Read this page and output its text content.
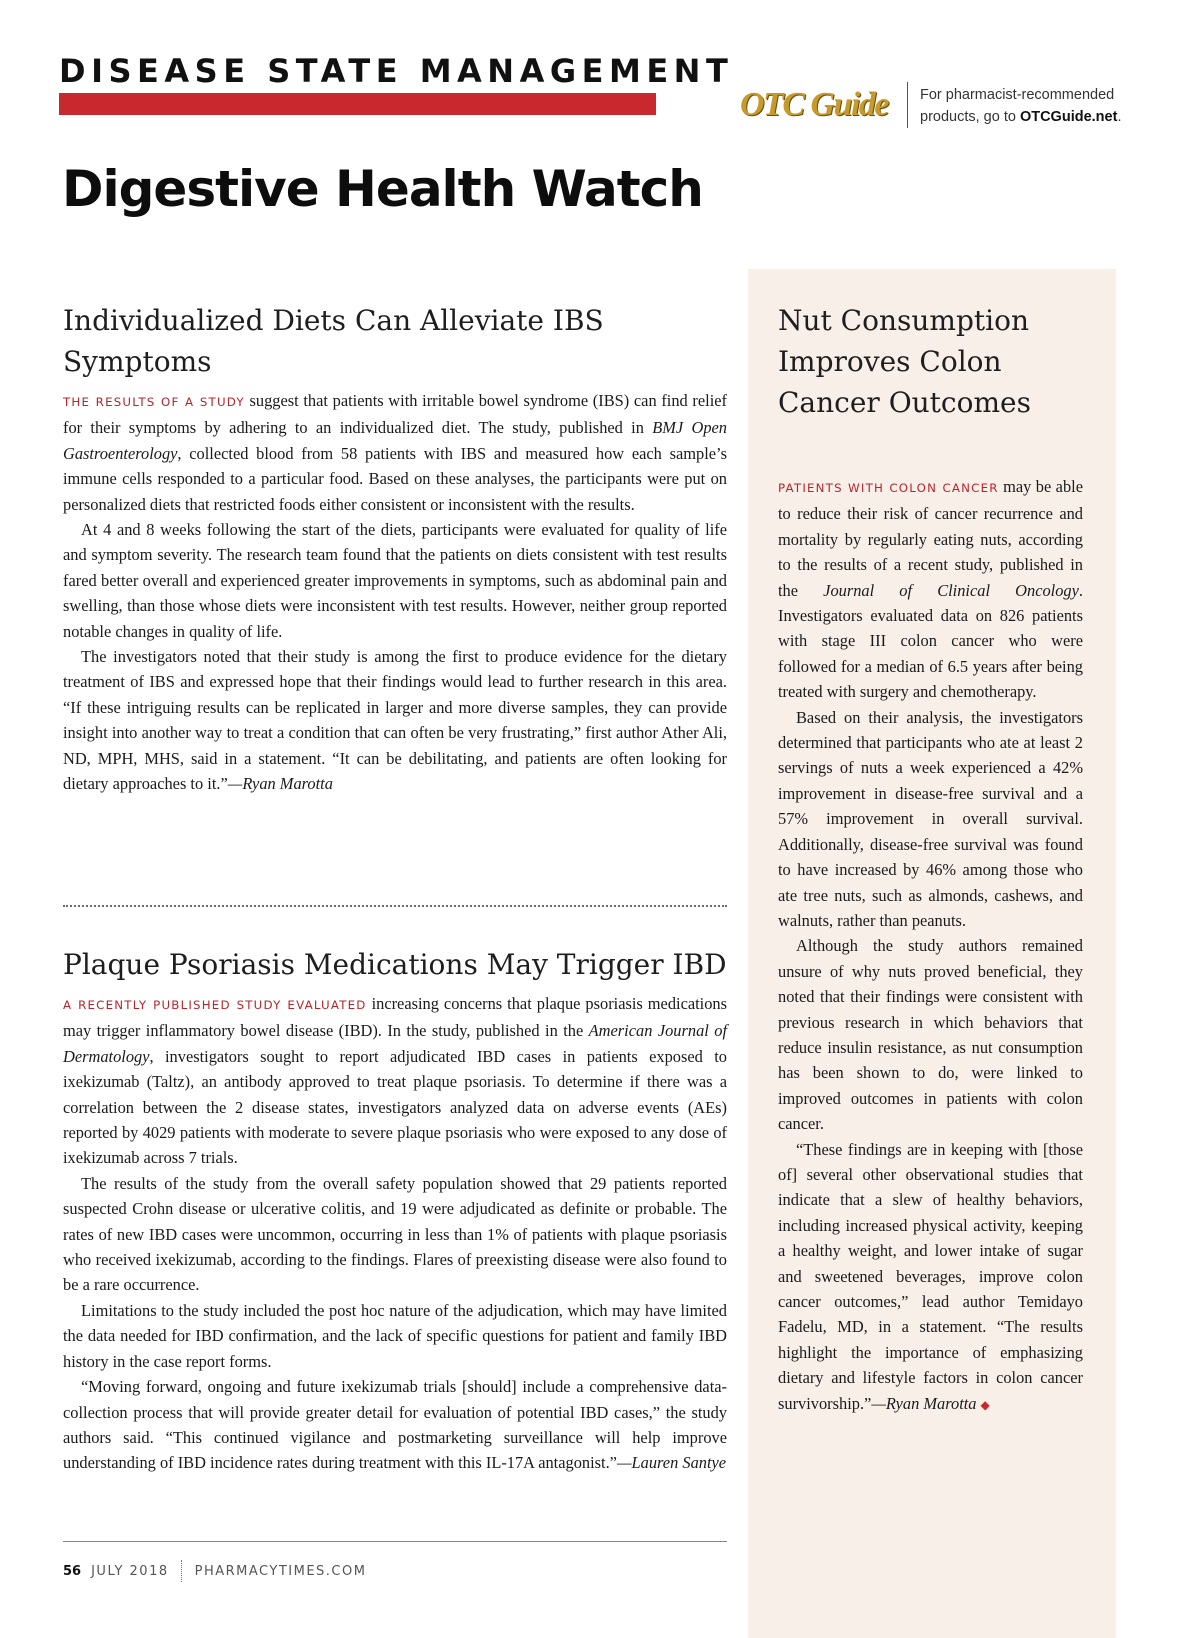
DISEASE STATE MANAGEMENT
OTC Guide For pharmacist-recommended products, go to OTCGuide.net.
Digestive Health Watch
Individualized Diets Can Alleviate IBS Symptoms

THE RESULTS OF A STUDY suggest that patients with irritable bowel syndrome (IBS) can find relief for their symptoms by adhering to an individualized diet. The study, published in BMJ Open Gastroenterology, collected blood from 58 patients with IBS and measured how each sample’s immune cells responded to a particular food. Based on these analyses, the participants were put on personalized diets that restricted foods either consistent or inconsistent with the results.

At 4 and 8 weeks following the start of the diets, participants were evaluated for quality of life and symptom severity. The research team found that the patients on diets consistent with test results fared better overall and experienced greater improvements in symptoms, such as abdominal pain and swelling, than those whose diets were inconsistent with test results. However, neither group reported notable changes in quality of life.

The investigators noted that their study is among the first to produce evidence for the dietary treatment of IBS and expressed hope that their findings would lead to further research in this area. “If these intriguing results can be replicated in larger and more diverse samples, they can provide insight into another way to treat a condition that can often be very frustrating,” first author Ather Ali, ND, MPH, MHS, said in a statement. “It can be debilitating, and patients are often looking for dietary approaches to it.”—Ryan Marotta

Plaque Psoriasis Medications May Trigger IBD

A RECENTLY PUBLISHED STUDY EVALUATED increasing concerns that plaque psoriasis medications may trigger inflammatory bowel disease (IBD). In the study, published in the American Journal of Dermatology, investigators sought to report adjudicated IBD cases in patients exposed to ixekizumab (Taltz), an antibody approved to treat plaque psoriasis. To determine if there was a correlation between the 2 disease states, investigators analyzed data on adverse events (AEs) reported by 4029 patients with moderate to severe plaque psoriasis who were exposed to any dose of ixekizumab across 7 trials.

The results of the study from the overall safety population showed that 29 patients reported suspected Crohn disease or ulcerative colitis, and 19 were adjudicated as definite or probable. The rates of new IBD cases were uncommon, occurring in less than 1% of patients with plaque psoriasis who received ixekizumab, according to the findings. Flares of preexisting disease were also found to be a rare occurrence.

Limitations to the study included the post hoc nature of the adjudication, which may have limited the data needed for IBD confirmation, and the lack of specific questions for patient and family IBD history in the case report forms.

“Moving forward, ongoing and future ixekizumab trials [should] include a comprehensive data-collection process that will provide greater detail for evaluation of potential IBD cases,” the study authors said. “This continued vigilance and postmarketing surveillance will help improve understanding of IBD incidence rates during treatment with this IL-17A antagonist.”—Lauren Santye

Nut Consumption Improves Colon Cancer Outcomes

PATIENTS WITH COLON CANCER may be able to reduce their risk of cancer recurrence and mortality by regularly eating nuts, according to the results of a recent study, published in the Journal of Clinical Oncology. Investigators evaluated data on 826 patients with stage III colon cancer who were followed for a median of 6.5 years after being treated with surgery and chemotherapy.

Based on their analysis, the investigators determined that participants who ate at least 2 servings of nuts a week experienced a 42% improvement in disease-free survival and a 57% improvement in overall survival. Additionally, disease-free survival was found to have increased by 46% among those who ate tree nuts, such as almonds, cashews, and walnuts, rather than peanuts.

Although the study authors remained unsure of why nuts proved beneficial, they noted that their findings were consistent with previous research in which behaviors that reduce insulin resistance, as nut consumption has been shown to do, were linked to improved outcomes in patients with colon cancer.

“These findings are in keeping with [those of] several other observational studies that indicate that a slew of healthy behaviors, including increased physical activity, keeping a healthy weight, and lower intake of sugar and sweetened beverages, improve colon cancer outcomes,” lead author Temidayo Fadelu, MD, in a statement. “The results highlight the importance of emphasizing dietary and lifestyle factors in colon cancer survivorship.”—Ryan Marotta ◆

56 JULY 2018 PHARMACYTIMES.COM
